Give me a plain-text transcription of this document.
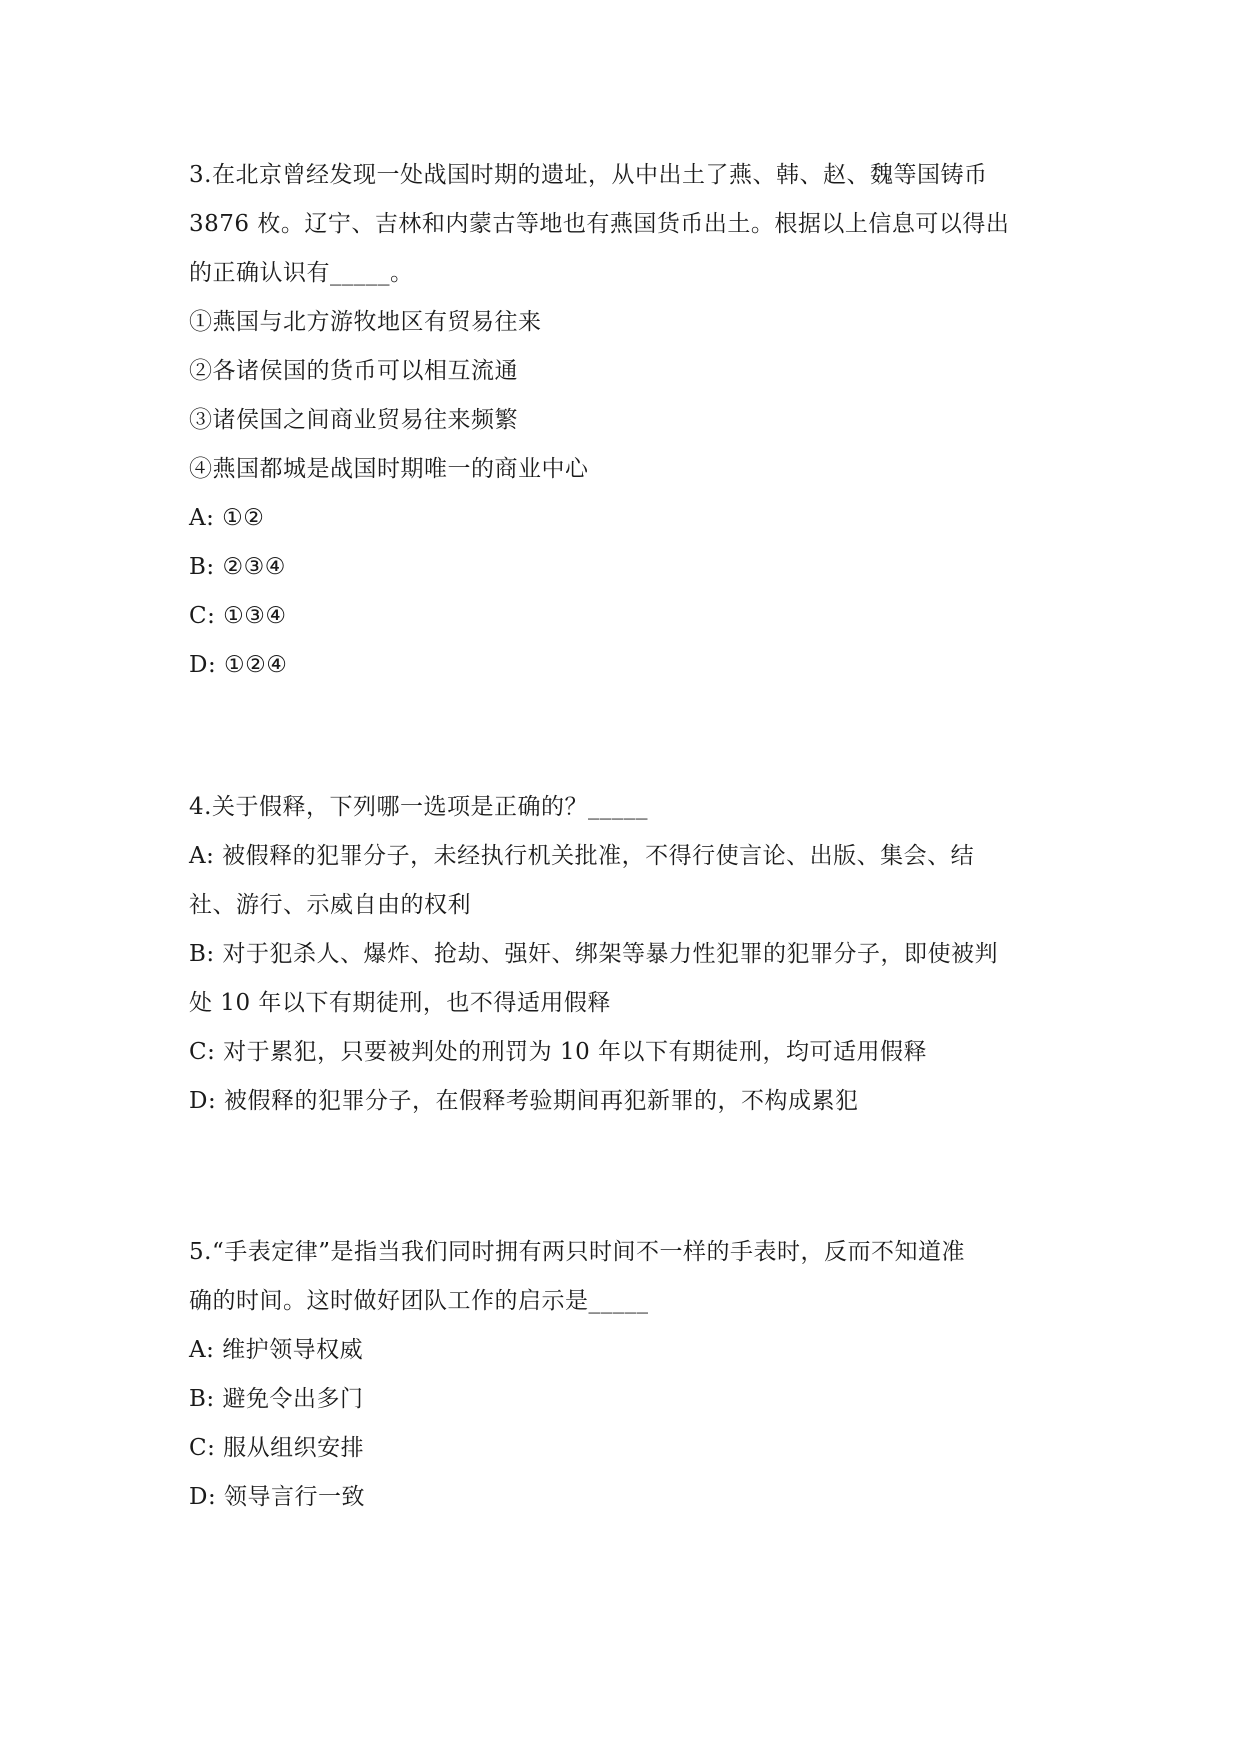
3.在北京曾经发现一处战国时期的遗址，从中出土了燕、韩、赵、魏等国铸币
3876 枚。辽宁、吉林和内蒙古等地也有燕国货币出土。根据以上信息可以得出
的正确认识有_____。
①燕国与北方游牧地区有贸易往来
②各诸侯国的货币可以相互流通
③诸侯国之间商业贸易往来频繁
④燕国都城是战国时期唯一的商业中心
A: ①②
B: ②③④
C: ①③④
D: ①②④
4.关于假释，下列哪一选项是正确的？_____
A: 被假释的犯罪分子，未经执行机关批准，不得行使言论、出版、集会、结
社、游行、示威自由的权利
B: 对于犯杀人、爆炸、抢劫、强奸、绑架等暴力性犯罪的犯罪分子，即使被判
处 10 年以下有期徒刑，也不得适用假释
C: 对于累犯，只要被判处的刑罚为 10 年以下有期徒刑，均可适用假释
D: 被假释的犯罪分子，在假释考验期间再犯新罪的，不构成累犯
5.“手表定律”是指当我们同时拥有两只时间不一样的手表时，反而不知道准
确的时间。这时做好团队工作的启示是_____
A: 维护领导权威
B: 避免令出多门
C: 服从组织安排
D: 领导言行一致
